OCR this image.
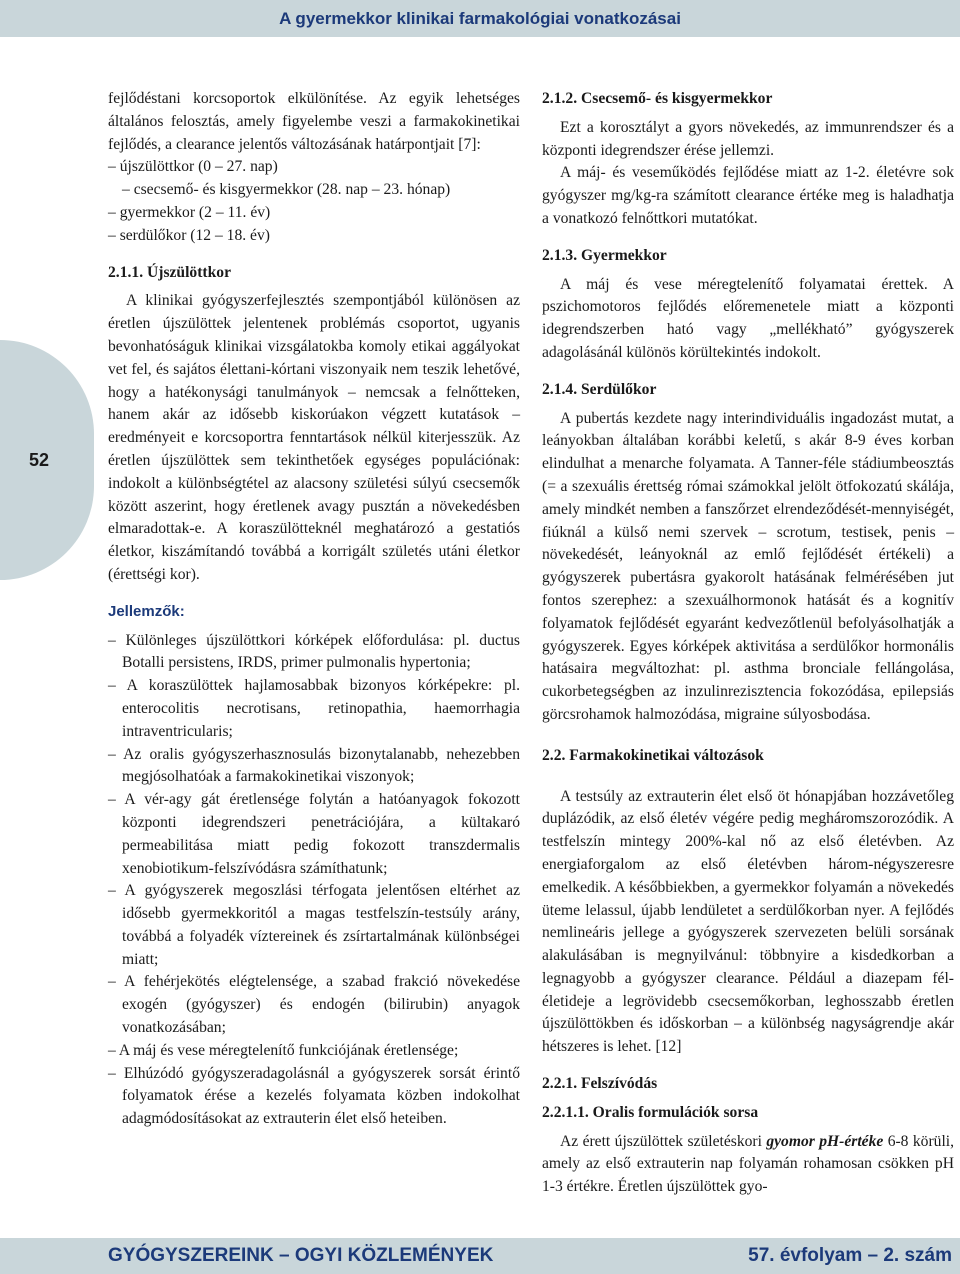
A gyermekkor klinikai farmakológiai vonatkozásai
52

fejlődéstani korcsoportok elkülönítése. Az egyik lehetséges általános felosztás, amely figyelembe veszi a farmakokinetikai fejlődés, a clearance jelentős változásának határpontjait [7]:

– újszülöttkor (0 – 27. nap)

– csecsemő- és kisgyermekkor (28. nap – 23. hónap)

– gyermekkor (2 – 11. év)

– serdülőkor (12 – 18. év)

2.1.1. Újszülöttkor

A klinikai gyógyszerfejlesztés szempontjából különösen az éretlen újszülöttek jelentenek problémás csoportot, ugyanis bevonhatóságuk klinikai vizsgálatokba komoly etikai aggályokat vet fel, és sajátos élettani-kórtani viszonyaik nem teszik lehetővé, hogy a hatékonysági tanulmányok – nemcsak a felnőtteken, hanem akár az idősebb kiskorúakon végzett kutatások – eredményeit e korcsoportra fenntartások nélkül kiterjesszük. Az éretlen újszülöttek sem tekinthetőek egységes populációnak: indokolt a különbségtétel az alacsony születési súlyú csecsemők között aszerint, hogy éretlenek avagy pusztán a növekedésben elmaradottak-e. A koraszülötteknél meghatározó a gestatiós életkor, kiszámítandó továbbá a korrigált születés utáni életkor (érettségi kor).

Jellemzők:

– Különleges újszülöttkori kórképek előfordulása: pl. ductus Botalli persistens, IRDS, primer pulmonalis hypertonia;

– A koraszülöttek hajlamosabbak bizonyos kórképekre: pl. enterocolitis necrotisans, retinopathia, haemorrhagia intraventricularis;

– Az oralis gyógyszerhasznosulás bizonytalanabb, nehezebben megjósolhatóak a farmakokinetikai viszonyok;

– A vér-agy gát éretlensége folytán a hatóanyagok fokozott központi idegrendszeri penetrációjára, a kültakaró permeabilitása miatt pedig fokozott transzdermalis xenobiotikum-felszívódásra számíthatunk;

– A gyógyszerek megoszlási térfogata jelentősen eltérhet az idősebb gyermekkoritól a magas testfelszín-testsúly arány, továbbá a folyadék víztereinek és zsírtartalmának különbségei miatt;

– A fehérjekötés elégtelensége, a szabad frakció növekedése exogén (gyógyszer) és endogén (bilirubin) anyagok vonatkozásában;

– A máj és vese méregtelenítő funkciójának éretlensége;

– Elhúzódó gyógyszeradagolásnál a gyógyszerek sorsát érintő folyamatok érése a kezelés folyamata közben indokolhat adagmódosításokat az extrauterin élet első heteiben.

2.1.2. Csecsemő- és kisgyermekkor

Ezt a korosztályt a gyors növekedés, az immunrendszer és a központi idegrendszer érése jellemzi.

A máj- és veseműködés fejlődése miatt az 1-2. életévre sok gyógyszer mg/kg-ra számított clearance értéke meg is haladhatja a vonatkozó felnőttkori mutatókat.

2.1.3. Gyermekkor

A máj és vese méregtelenítő folyamatai érettek. A pszichomotoros fejlődés előremenetele miatt a központi idegrendszerben ható vagy „mellékható” gyógyszerek adagolásánál különös körültekintés indokolt.

2.1.4. Serdülőkor

A pubertás kezdete nagy interindividuális ingadozást mutat, a leányokban általában korábbi keletű, s akár 8-9 éves korban elindulhat a menarche folyamata. A Tanner-féle stádiumbeosztás (= a szexuális érettség római számokkal jelölt ötfokozatú skálája, amely mindkét nemben a fanszőrzet elrendeződését-mennyiségét, fiúknál a külső nemi szervek – scrotum, testisek, penis – növekedését, leányoknál az emlő fejlődését értékeli) a gyógyszerek pubertásra gyakorolt hatásának felmérésében jut fontos szerephez: a szexuálhormonok hatását és a kognitív folyamatok fejlődését egyaránt kedvezőtlenül befolyásolhatják a gyógyszerek. Egyes kórképek aktivitása a serdülőkor hormonális hatásaira megváltozhat: pl. asthma bronciale fellángolása, cukorbetegségben az inzulinrezisztencia fokozódása, epilepsiás görcsrohamok halmozódása, migraine súlyosbodása.

2.2. Farmakokinetikai változások

A testsúly az extrauterin élet első öt hónapjában hozzávetőleg duplázódik, az első életév végére pedig megháromszorozódik. A testfelszín mintegy 200%-kal nő az első életévben. Az energiaforgalom az első életévben három-négyszeresre emelkedik. A későbbiekben, a gyermekkor folyamán a növekedés üteme lelassul, újabb lendületet a serdülőkorban nyer. A fejlődés nemlineáris jellege a gyógyszerek szervezeten belüli sorsának alakulásában is megnyilvánul: többnyire a kisdedkorban a legnagyobb a gyógyszer clearance. Például a diazepam fél-életideje a legrövidebb csecsemőkorban, leghosszabb éretlen újszülöttökben és időskorban – a különbség nagyságrendje akár hétszeres is lehet. [12]

2.2.1. Felszívódás

2.2.1.1. Oralis formulációk sorsa

Az érett újszülöttek születéskori gyomor pH-értéke 6-8 körüli, amely az első extrauterin nap folyamán rohamosan csökken pH 1-3 értékre. Éretlen újszülöttek gyo-

GYÓGYSZEREINK – OGYI KÖZLEMÉNYEK	57. évfolyam – 2. szám
